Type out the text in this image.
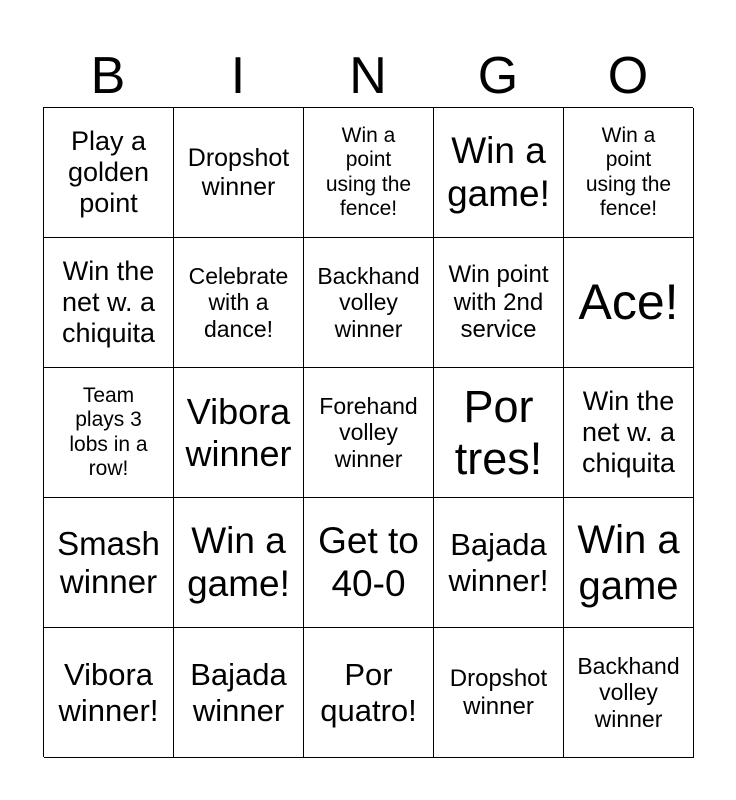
B	I	N	G	O
Play a
golden
point
Dropshot
winner
Win a
point
using the
fence!
Win a
game!
Win a
point
using the
fence!
Win the
net w. a
chiquita
Celebrate
with a
dance!
Backhand
volley
winner
Win point
with 2nd
service
Ace!
Team
plays 3
lobs in a
row!
Vibora
winner
Forehand
volley
winner
Por
tres!
Win the
net w. a
chiquita
Smash
winner
Win a
game!
Get to
40-0
Bajada
winner!
Win a
game
Vibora
winner!
Bajada
winner
Por
quatro!
Dropshot
winner
Backhand
volley
winner
